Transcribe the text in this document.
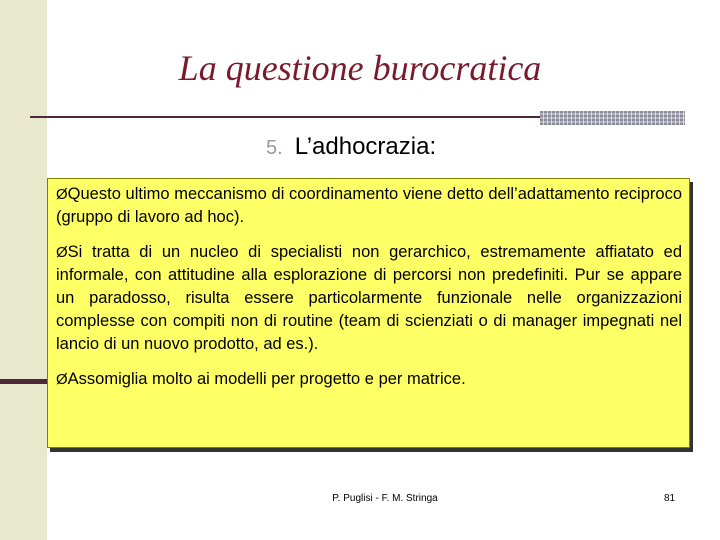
La questione burocratica
5. L’adhocrazia:

ØQuesto ultimo meccanismo di coordinamento viene detto dell’adattamento reciproco (gruppo di lavoro ad hoc).

ØSi tratta di un nucleo di specialisti non gerarchico, estremamente affiatato ed informale, con attitudine alla esplorazione di percorsi non predefiniti. Pur se appare un paradosso, risulta essere particolarmente funzionale nelle organizzazioni complesse con compiti non di routine (team di scienziati o di manager impegnati nel lancio di un nuovo prodotto, ad es.).

ØAssomiglia molto ai modelli per progetto e per matrice.

P. Puglisi - F. M. Stringa	81
